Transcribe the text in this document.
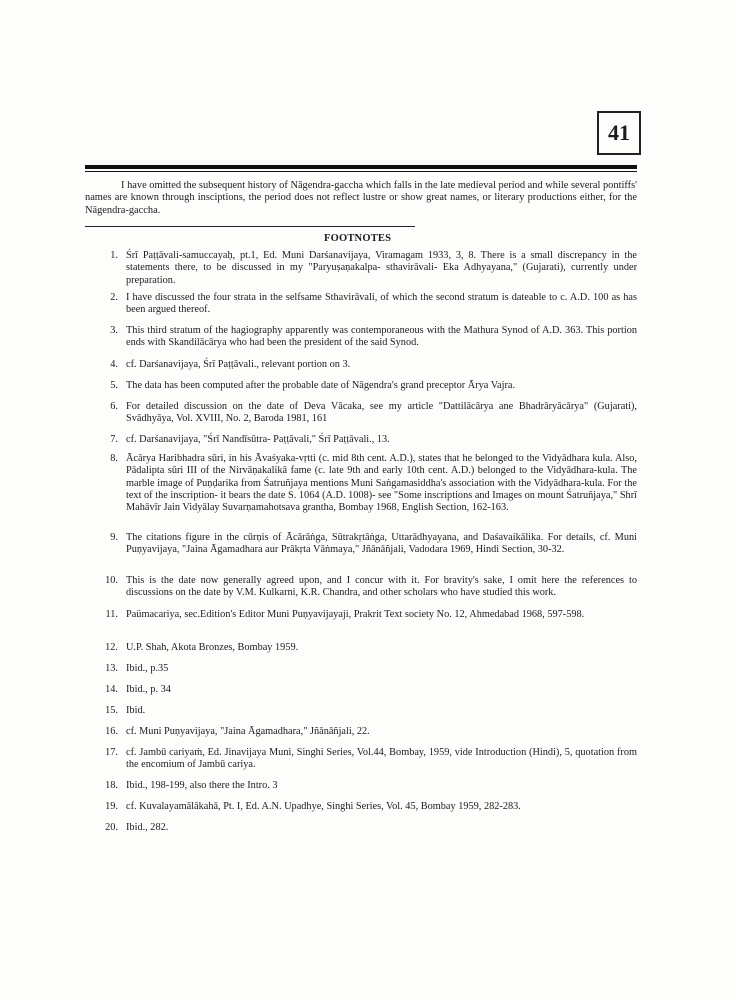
41

I have omitted the subsequent history of Nāgendra-gaccha which falls in the late medieval period and while several pontiffs' names are known through insciptions, the period does not reflect lustre or show great names, or literary productions either, for the Nāgendra-gaccha.

FOOTNOTES
1. Śrī Paṭṭāvali-samuccayaḥ, pt.1, Ed. Muni Darśanavijaya, Viramagam 1933, 3, 8. There is a small discrepancy in the statements there, to be discussed in my "Paryuṣaṇakalpa- sthavirāvali- Eka Adhyayana," (Gujarati), currently under preparation.
2. I have discussed the four strata in the selfsame Sthavirāvali, of which the second stratum is dateable to c. A.D. 100 as has been argued thereof.
3. This third stratum of the hagiography apparently was contemporaneous with the Mathura Synod of A.D. 363. This portion ends with Skandilācārya who had been the president of the said Synod.
4. cf. Darśanavijaya, Śrī Paṭṭāvali., relevant portion on 3.
5. The data has been computed after the probable date of Nāgendra's grand preceptor Ārya Vajra.
6. For detailed discussion on the date of Deva Vācaka, see my article "Dattilācārya ane Bhadrāryācārya" (Gujarati), Svādhyāya, Vol. XVIII, No. 2, Baroda 1981, 161
7. cf. Darśanavijaya, "Śrī Nandīsūtra- Paṭṭāvali," Śrī Paṭṭāvali., 13.
8. Ācārya Haribhadra sūri, in his Āvaśyaka-vṛtti (c. mid 8th cent. A.D.), states that he belonged to the Vidyādhara kula. Also, Pādalipta sūri III of the Nirvāṇakalikā fame (c. late 9th and early 10th cent. A.D.) belonged to the Vidyādhara-kula. The marble image of Puṇḍarika from Śatruñjaya mentions Muni Saṅgamasiddha's association with the Vidyādhara-kula. For the text of the inscription- it bears the date S. 1064 (A.D. 1008)- see "Some inscriptions and Images on mount Śatruñjaya," Shrī Mahāvīr Jain Vidyālay Suvarṇamahotsava grantha, Bombay 1968, English Section, 162-163.
9. The citations figure in the cūrṇis of Ācārāṅga, Sūtrakṛtāṅga, Uttarādhyayana, and Daśavaikālika. For details, cf. Muni Puṇyavijaya, "Jaina Āgamadhara aur Prākṛta Vāṅmaya," Jñānāñjali, Vadodara 1969, Hindi Section, 30-32.
10. This is the date now generally agreed upon, and I concur with it. For bravity's sake, I omit here the references to discussions on the date by V.M. Kulkarni, K.R. Chandra, and other scholars who have studied this work.
11. Paümacariya, sec.Edition's Editor Muni Puṇyavijayaji, Prakrit Text society No. 12, Ahmedabad 1968, 597-598.
12. U.P. Shah, Akota Bronzes, Bombay 1959.
13. Ibid., p.35
14. Ibid., p. 34
15. Ibid.
16. cf. Muni Puṇyavijaya, "Jaina Āgamadhara," Jñānāñjali, 22.
17. cf. Jambū cariyaṁ, Ed. Jinavijaya Muni, Singhi Series, Vol.44, Bombay, 1959, vide Introduction (Hindi), 5, quotation from the encomium of Jambū cariya.
18. Ibid., 198-199, also there the Intro. 3
19. cf. Kuvalayamālākahā, Pt. I, Ed. A.N. Upadhye, Singhi Series, Vol. 45, Bombay 1959, 282-283.
20. Ibid., 282.
